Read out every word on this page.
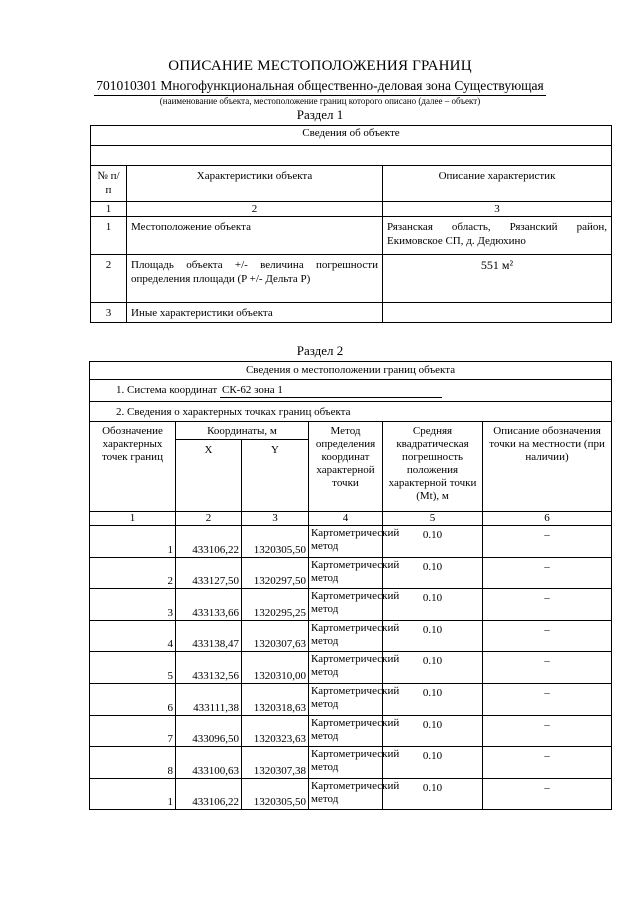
ОПИСАНИЕ МЕСТОПОЛОЖЕНИЯ ГРАНИЦ
701010301 Многофункциональная общественно-деловая зона Существующая
(наименование объекта, местоположение границ которого описано (далее – объект)
Раздел 1
Сведения об объекте		

№ п/п	Характеристики объекта	Описание характеристик
1	2	3
1	Местоположение объекта	Рязанская область, Рязанский район, Екимовское СП, д. Дедюхино
2	Площадь объекта +/- величина погрешности определения площади (P +/- Дельта P)	551 м²
3	Иные характеристики объекта	
Раздел 2
Сведения о местоположении границ объекта					
1. Система координат СК-62 зона 1					
2. Сведения о характерных точках границ объекта					
Обозначение характерных точек границ	Координаты, м		Метод определения координат характерной точки	Средняя квадратическая погрешность положения характерной точки (Mt), м	Описание обозначения точки на местности (при наличии)
	X	Y			
1	2	3	4	5	6
1	433106,22	1320305,50	Картометрический метод	0.10	–
2	433127,50	1320297,50	Картометрический метод	0.10	–
3	433133,66	1320295,25	Картометрический метод	0.10	–
4	433138,47	1320307,63	Картометрический метод	0.10	–
5	433132,56	1320310,00	Картометрический метод	0.10	–
6	433111,38	1320318,63	Картометрический метод	0.10	–
7	433096,50	1320323,63	Картометрический метод	0.10	–
8	433100,63	1320307,38	Картометрический метод	0.10	–
1	433106,22	1320305,50	Картометрический метод	0.10	–
